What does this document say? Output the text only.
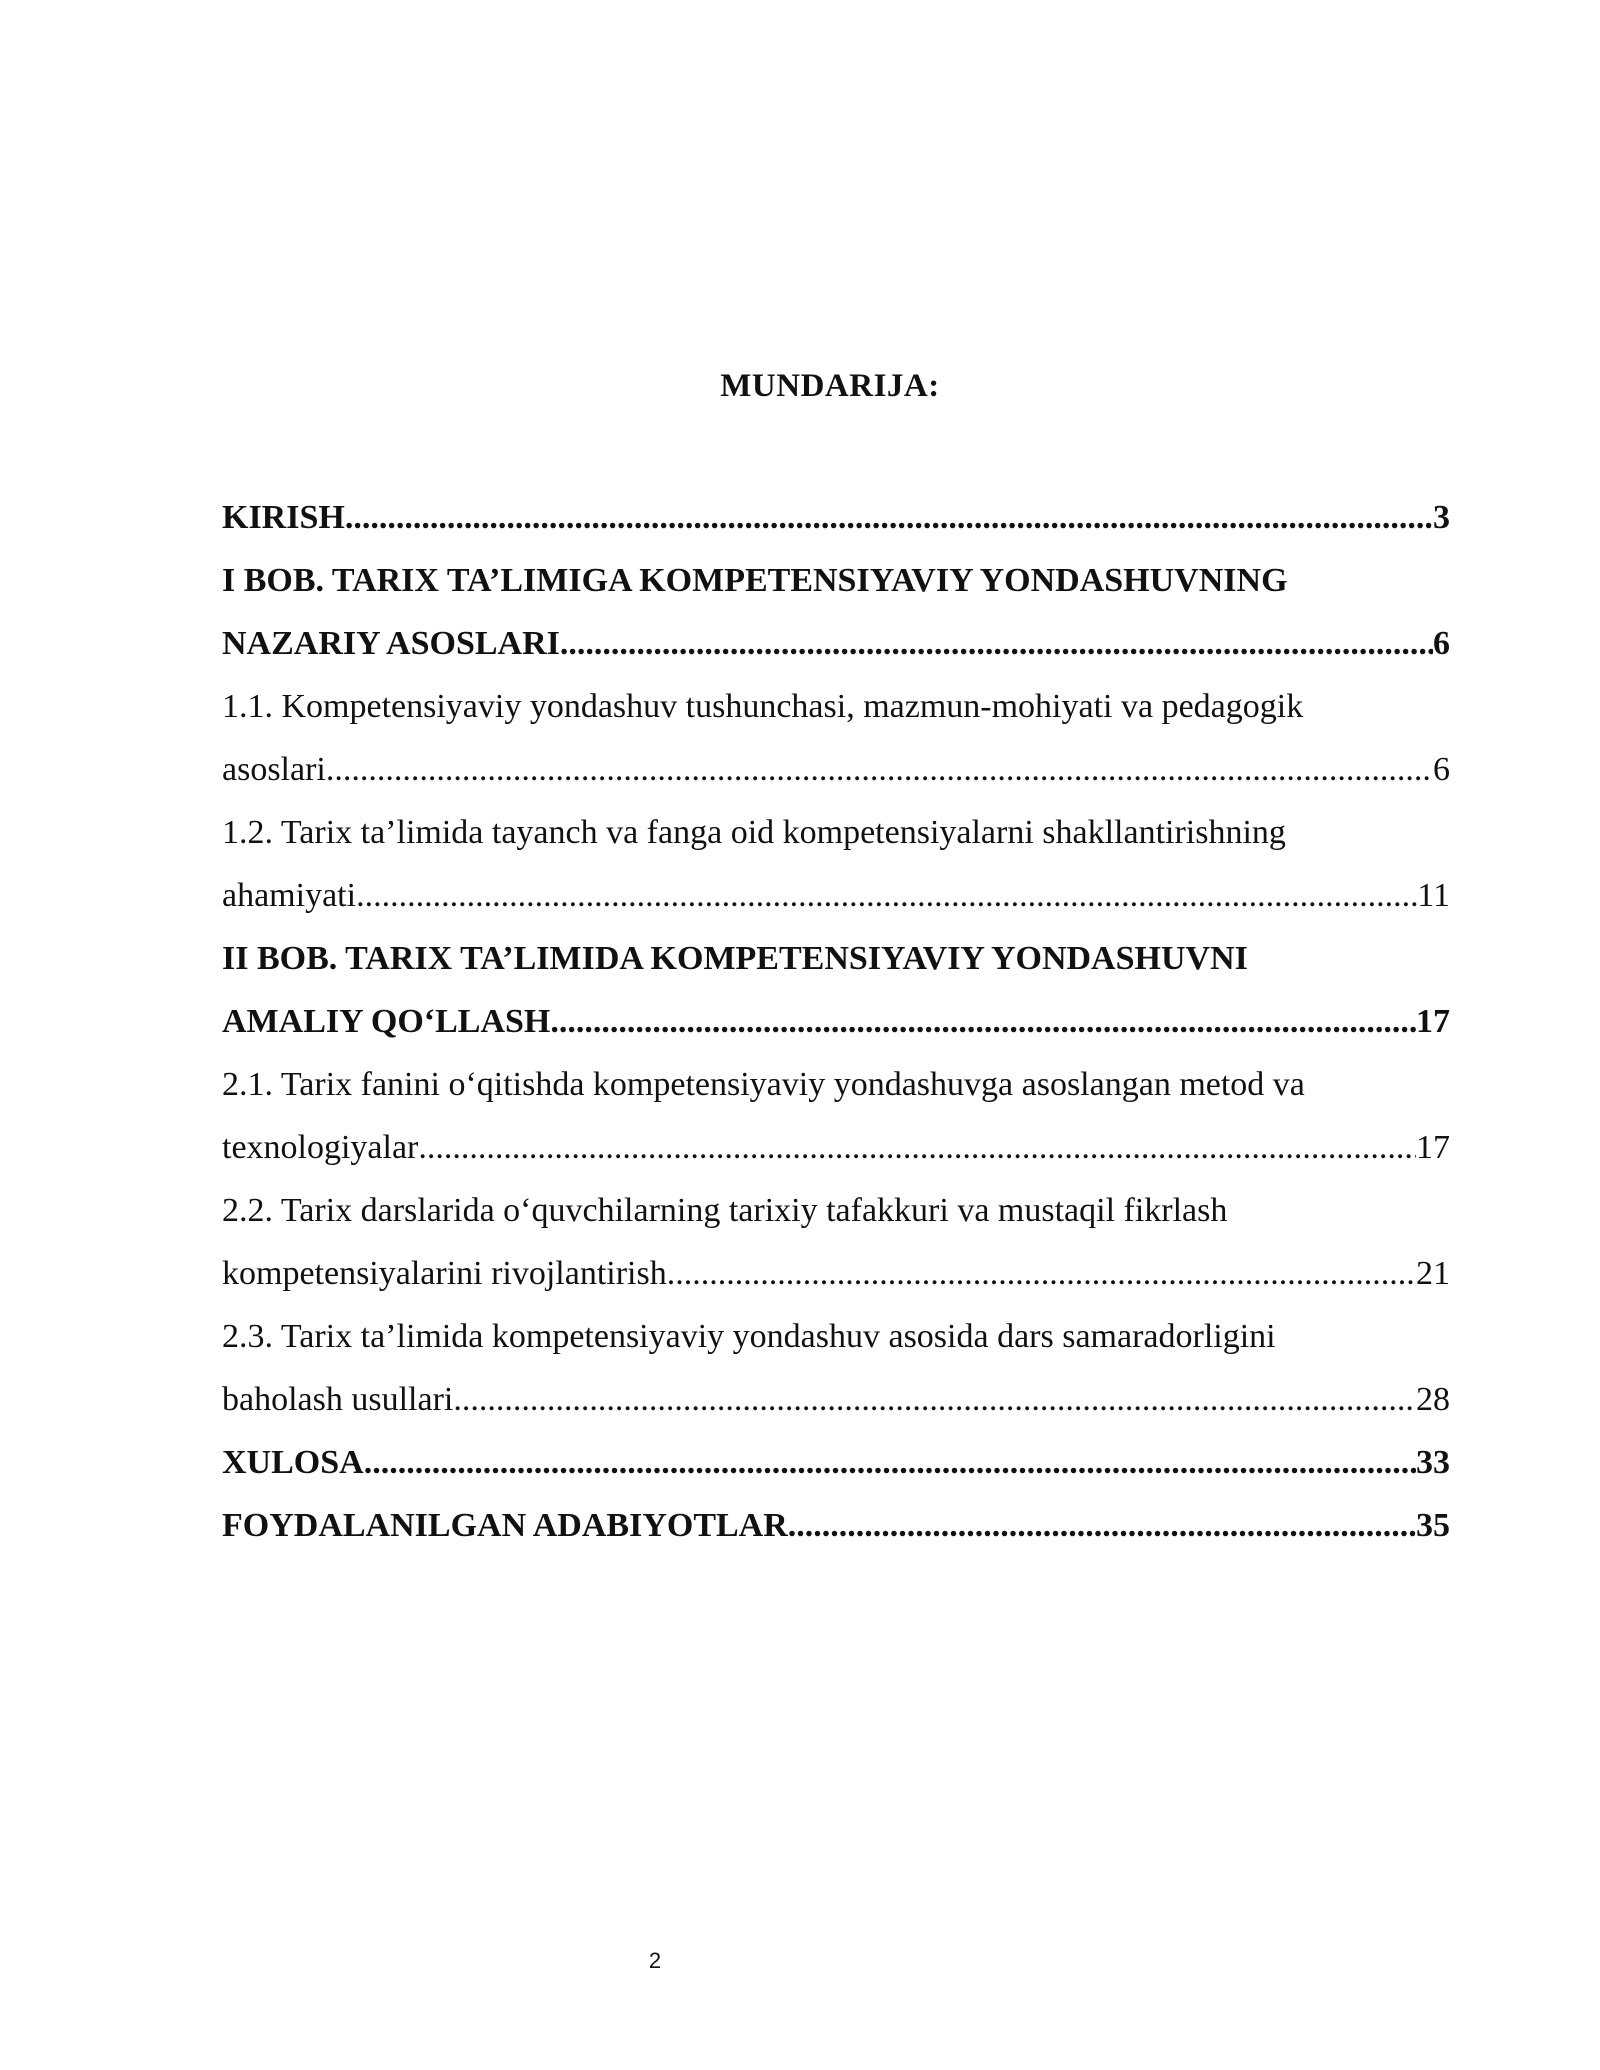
MUNDARIJA:
KIRISH .....	3
I BOB. TARIX TA’LIMIGA KOMPETENSIYAVIY YONDASHUVNING
NAZARIY ASOSLARI .....	6
1.1. Kompetensiyaviy yondashuv tushunchasi, mazmun-mohiyati va pedagogik
asoslari .....	6
1.2. Tarix ta’limida tayanch va fanga oid kompetensiyalarni shakllantirishning
ahamiyati .....	11
II BOB. TARIX TA’LIMIDA KOMPETENSIYAVIY YONDASHUVNI
AMALIY QO‘LLASH .....	17
2.1. Tarix fanini o‘qitishda kompetensiyaviy yondashuvga asoslangan metod va
texnologiyalar .....	17
2.2. Tarix darslarida o‘quvchilarning tarixiy tafakkuri va mustaqil fikrlash
kompetensiyalarini rivojlantirish .....	21
2.3. Tarix ta’limida kompetensiyaviy yondashuv asosida dars samaradorligini
baholash usullari .....	28
XULOSA .....	33
FOYDALANILGAN ADABIYOTLAR .....	35
2
